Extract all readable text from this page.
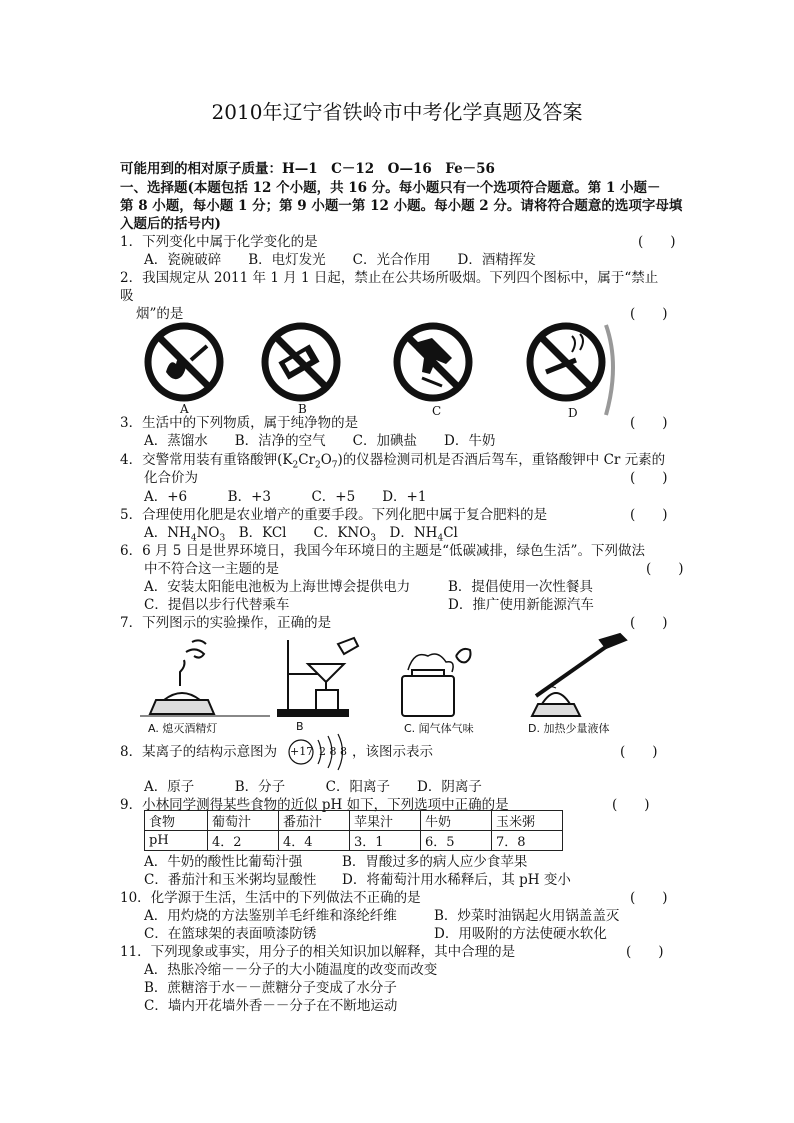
2010年辽宁省铁岭市中考化学真题及答案
可能用到的相对原子质量：H—1　C－12　O—16　Fe－56
一、选择题(本题包括 12 个小题，共 16 分。每小题只有一个选项符合题意。第 1 小题－
第 8 小题，每小题 1 分；第 9 小题一第 12 小题。每小题 2 分。请将符合题意的选项字母填
入题后的括号内)
1．下列变化中属于化学变化的是	(　　)
A．瓷碗破碎　　B．电灯发光　　C．光合作用　　D．酒精挥发
2．我国规定从 2011 年 1 月 1 日起，禁止在公共场所吸烟。下列四个图标中，属于“禁止
吸
烟”的是	(　　)
A	B	C	D
3．生活中的下列物质，属于纯净物的是	(　　)
A．蒸馏水　　B．洁净的空气　　C．加碘盐　　D．牛奶
4．交警常用装有重铬酸钾$(K_2Cr_2O_7)$的仪器检测司机是否酒后驾车，重铬酸钾中 Cr 元素的
化合价为	(　　)
A．+6　　　B．+3　　　C．+5　　D．+1
5．合理使用化肥是农业增产的重要手段。下列化肥中属于复合肥料的是	(　　)
A．$NH_4NO_3$　B．KCl　　C．$KNO_3$　D．$NH_4Cl$
6．6 月 5 日是世界环境日，我国今年环境日的主题是“低碳减排，绿色生活”。下列做法
中不符合这一主题的是	(　　)
A．安装太阳能电池板为上海世博会提供电力	B．提倡使用一次性餐具
C．提倡以步行代替乘车	D．推广使用新能源汽车
7．下列图示的实验操作，正确的是	(　　)
A. 熄灭酒精灯	B	C. 闻气体气味	D. 加热少量液体
8．某离子的结构示意图为 +17 2 8 8 ，该图示表示	(　　)
A．原子　　　B．分子　　　C．阳离子　　D．阴离子
9．小林同学测得某些食物的近似 pH 如下，下列选项中正确的是	(　　)
食物	葡萄汁	番茄汁	苹果汁	牛奶	玉米粥
pH	4．2	4．4	3．1	6．5	7．8
A．牛奶的酸性比葡萄汁强	B．胃酸过多的病人应少食苹果
C．番茄汁和玉米粥均显酸性 D．将葡萄汁用水稀释后，其 pH 变小
10．化学源于生活，生活中的下列做法不正确的是	(　　)
A．用灼烧的方法鉴别羊毛纤维和涤纶纤维	B．炒菜时油锅起火用锅盖盖灭
C．在篮球架的表面喷漆防锈	D．用吸附的方法使硬水软化
11．下列现象或事实，用分子的相关知识加以解释，其中合理的是	(　　)
A．热胀冷缩－－分子的大小随温度的改变而改变
B．蔗糖溶于水－－蔗糖分子变成了水分子
C．墙内开花墙外香－－分子在不断地运动
